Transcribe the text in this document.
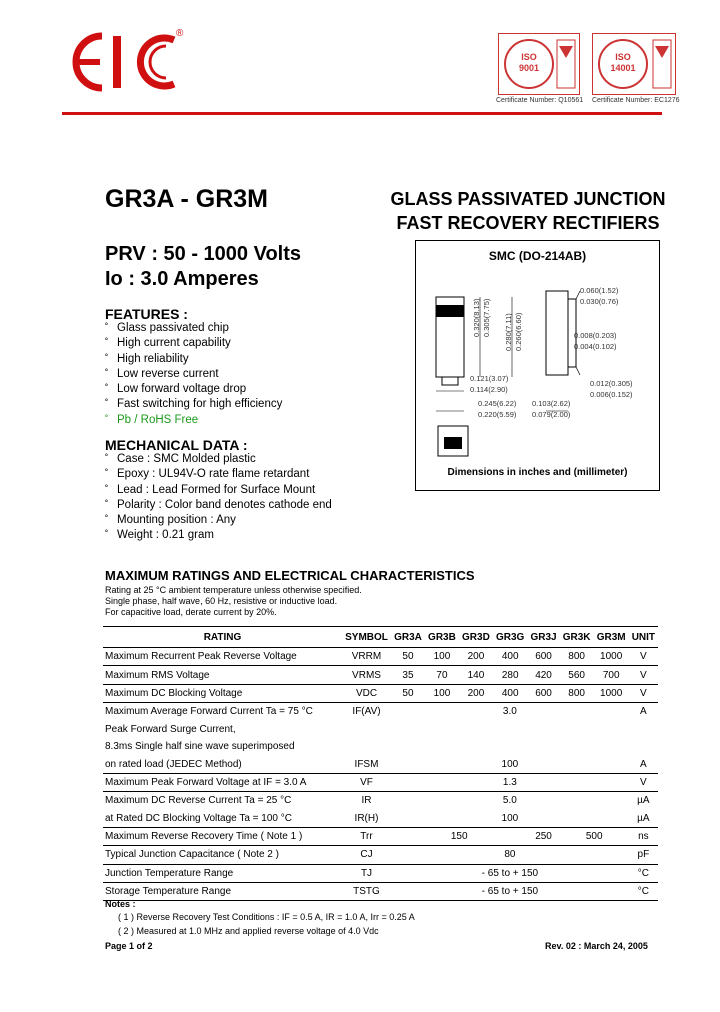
®
ISO
9001
Certificate Number: Q10561
ISO
14001
Certificate Number: EC1276
GR3A - GR3M	GLASS PASSIVATED JUNCTION
FAST RECOVERY RECTIFIERS
PRV : 50 - 1000 Volts
Io : 3.0 Amperes
FEATURES :
˚ Glass passivated chip
˚ High current capability
˚ High reliability
˚ Low reverse current
˚ Low forward voltage drop
˚ Fast switching for high efficiency
˚ Pb / RoHS Free
MECHANICAL DATA :
˚ Case : SMC Molded plastic
˚ Epoxy : UL94V-O rate flame retardant
˚ Lead : Lead Formed for Surface Mount
˚ Polarity : Color band denotes cathode end
˚ Mounting position : Any
˚ Weight : 0.21 gram
SMC (DO-214AB)
0.060(1.52)
0.030(0.76)
0.008(0.203)
0.004(0.102)
0.012(0.305)
0.006(0.152)
0.121(3.07)
0.114(2.90)
0.245(6.22)
0.220(5.59)
0.103(2.62)
0.079(2.00)
0.320(8.13) 0.305(7.75) 0.280(7.11) 0.260(6.60)
Dimensions in inches and (millimeter)
MAXIMUM RATINGS AND ELECTRICAL CHARACTERISTICS
Rating at 25 °C ambient temperature unless otherwise specified.
Single phase, half wave, 60 Hz, resistive or inductive load.
For capacitive load, derate current by 20%.
RATING	SYMBOL	GR3A	GR3B	GR3D	GR3G	GR3J	GR3K	GR3M	UNIT
Maximum Recurrent Peak Reverse Voltage	VRRM	50	100	200	400	600	800	1000	V
Maximum RMS Voltage	VRMS	35	70	140	280	420	560	700	V
Maximum DC Blocking Voltage	VDC	50	100	200	400	600	800	1000	V
Maximum Average Forward Current Ta = 75 °C	IF(AV)	3.0							A
Peak Forward Surge Current,									
8.3ms Single half sine wave superimposed									
on rated load (JEDEC Method)	IFSM	100							A
Maximum Peak Forward Voltage at IF = 3.0 A	VF	1.3							V
Maximum DC Reverse Current Ta = 25 °C	IR	5.0							µA
at Rated DC Blocking Voltage Ta = 100 °C	IR(H)	100							µA
Maximum Reverse Recovery Time ( Note 1 )	Trr	150				250	500		ns
Typical Junction Capacitance ( Note 2 )	CJ	80							pF
Junction Temperature Range	TJ	- 65 to + 150							°C
Storage Temperature Range	TSTG	- 65 to + 150							°C
Notes :
( 1 ) Reverse Recovery Test Conditions : IF = 0.5 A, IR = 1.0 A, Irr = 0.25 A
( 2 ) Measured at 1.0 MHz and applied reverse voltage of 4.0 Vdc
Page 1 of 2	Rev. 02 : March 24, 2005
